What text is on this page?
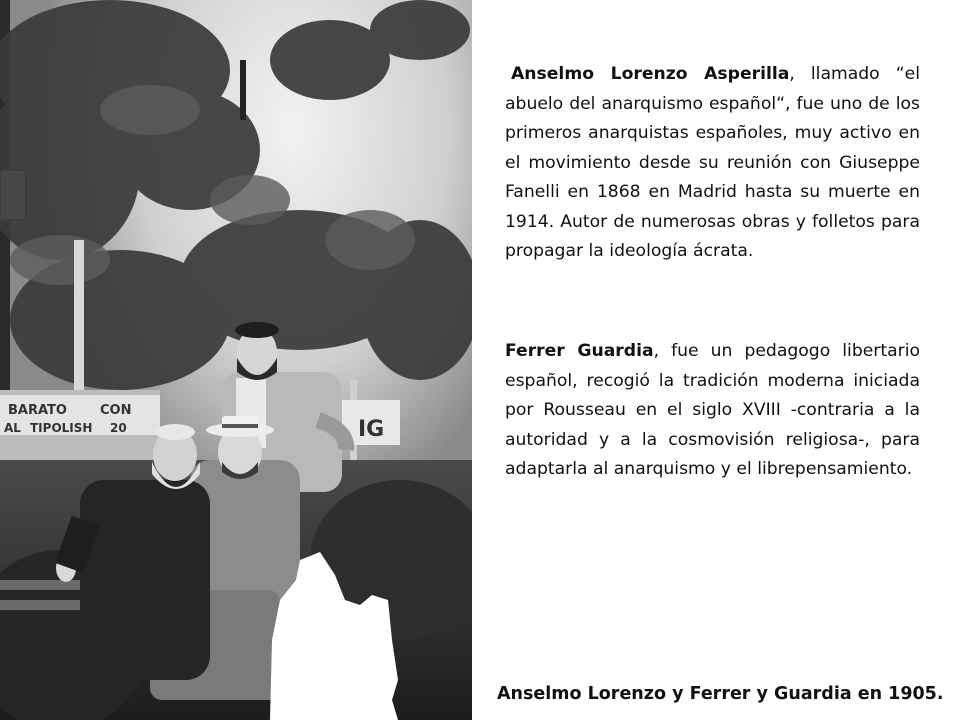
BARATO	CON
AL TIPOLISH 20	IG
Anselmo Lorenzo Asperilla, llamado “el abuelo del anarquismo español“, fue uno de los primeros anarquistas españoles, muy activo en el movimiento desde su reunión con Giuseppe Fanelli en 1868 en Madrid hasta su muerte en 1914. Autor de numerosas obras y folletos para propagar la ideología ácrata.
Ferrer Guardia, fue un pedagogo libertario español, recogió la tradición moderna iniciada por Rousseau en el siglo XVIII -contraria a la autoridad y a la cosmovisión religiosa-, para adaptarla al anarquismo y el librepensamiento.
Anselmo Lorenzo y Ferrer y Guardia en 1905.
